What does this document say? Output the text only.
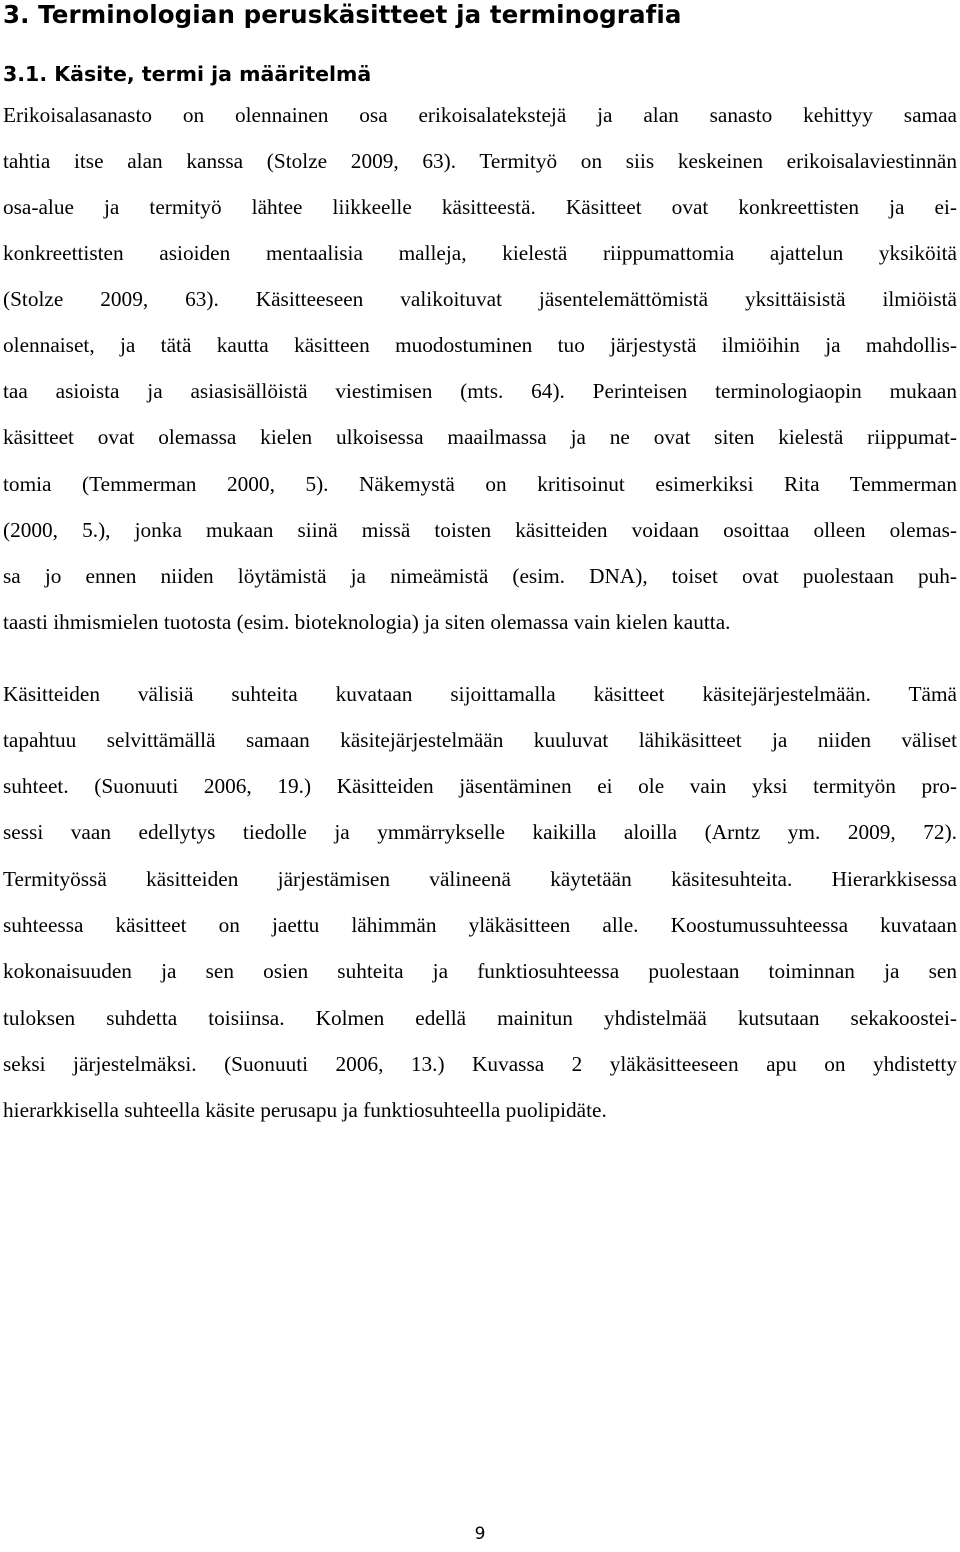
3. Terminologian peruskäsitteet ja terminografia
3.1. Käsite, termi ja määritelmä

Erikoisalasanasto on olennainen osa erikoisalatekstejä ja alan sanasto kehittyy samaa

tahtia itse alan kanssa (Stolze 2009, 63). Termityö on siis keskeinen erikoisalaviestinnän

osa-alue ja termityö lähtee liikkeelle käsitteestä. Käsitteet ovat konkreettisten ja ei-

konkreettisten asioiden mentaalisia malleja, kielestä riippumattomia ajattelun yksiköitä

(Stolze 2009, 63). Käsitteeseen valikoituvat jäsentelemättömistä yksittäisistä ilmiöistä

olennaiset, ja tätä kautta käsitteen muodostuminen tuo järjestystä ilmiöihin ja mahdollis-

taa asioista ja asiasisällöistä viestimisen (mts. 64). Perinteisen terminologiaopin mukaan

käsitteet ovat olemassa kielen ulkoisessa maailmassa ja ne ovat siten kielestä riippumat-

tomia (Temmerman 2000, 5). Näkemystä on kritisoinut esimerkiksi Rita Temmerman

(2000, 5.), jonka mukaan siinä missä toisten käsitteiden voidaan osoittaa olleen olemas-

sa jo ennen niiden löytämistä ja nimeämistä (esim. DNA), toiset ovat puolestaan puh-

taasti ihmismielen tuotosta (esim. bioteknologia) ja siten olemassa vain kielen kautta.

Käsitteiden välisiä suhteita kuvataan sijoittamalla käsitteet käsitejärjestelmään. Tämä

tapahtuu selvittämällä samaan käsitejärjestelmään kuuluvat lähikäsitteet ja niiden väliset

suhteet. (Suonuuti 2006, 19.) Käsitteiden jäsentäminen ei ole vain yksi termityön pro-

sessi vaan edellytys tiedolle ja ymmärrykselle kaikilla aloilla (Arntz ym. 2009, 72).

Termityössä käsitteiden järjestämisen välineenä käytetään käsitesuhteita. Hierarkkisessa

suhteessa käsitteet on jaettu lähimmän yläkäsitteen alle. Koostumussuhteessa kuvataan

kokonaisuuden ja sen osien suhteita ja funktiosuhteessa puolestaan toiminnan ja sen

tuloksen suhdetta toisiinsa. Kolmen edellä mainitun yhdistelmää kutsutaan sekakoostei-

seksi järjestelmäksi. (Suonuuti 2006, 13.) Kuvassa 2 yläkäsitteeseen apu on yhdistetty

hierarkkisella suhteella käsite perusapu ja funktiosuhteella puolipidäte.

9
